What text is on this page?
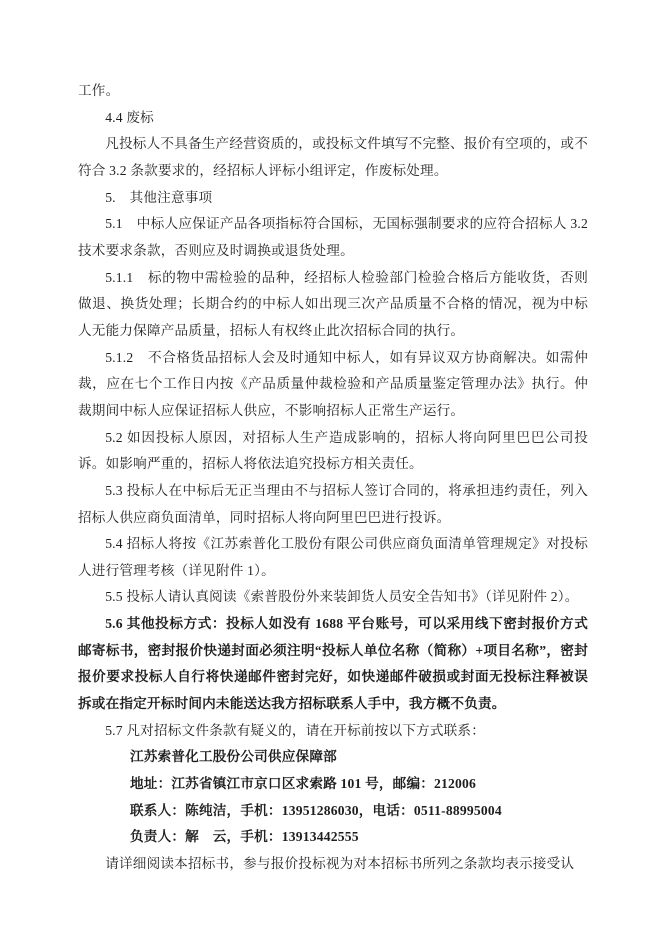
工作。

4.4 废标

凡投标人不具备生产经营资质的，或投标文件填写不完整、报价有空项的，或不符合 3.2 条款要求的，经招标人评标小组评定，作废标处理。

5.　其他注意事项

5.1　中标人应保证产品各项指标符合国标，无国标强制要求的应符合招标人 3.2 技术要求条款，否则应及时调换或退货处理。

5.1.1　标的物中需检验的品种，经招标人检验部门检验合格后方能收货，否则做退、换货处理；长期合约的中标人如出现三次产品质量不合格的情况，视为中标人无能力保障产品质量，招标人有权终止此次招标合同的执行。

5.1.2　不合格货品招标人会及时通知中标人，如有异议双方协商解决。如需仲裁，应在七个工作日内按《产品质量仲裁检验和产品质量鉴定管理办法》执行。仲裁期间中标人应保证招标人供应，不影响招标人正常生产运行。

5.2 如因投标人原因，对招标人生产造成影响的，招标人将向阿里巴巴公司投诉。如影响严重的，招标人将依法追究投标方相关责任。

5.3 投标人在中标后无正当理由不与招标人签订合同的，将承担违约责任，列入招标人供应商负面清单，同时招标人将向阿里巴巴进行投诉。

5.4 招标人将按《江苏索普化工股份有限公司供应商负面清单管理规定》对投标人进行管理考核（详见附件 1）。

5.5 投标人请认真阅读《索普股份外来装卸货人员安全告知书》（详见附件 2）。

5.6 其他投标方式：投标人如没有 1688 平台账号，可以采用线下密封报价方式邮寄标书，密封报价快递封面必须注明“投标人单位名称（简称）+项目名称”，密封报价要求投标人自行将快递邮件密封完好，如快递邮件破损或封面无投标注释被误拆或在指定开标时间内未能送达我方招标联系人手中，我方概不负责。

5.7 凡对招标文件条款有疑义的，请在开标前按以下方式联系：

江苏索普化工股份公司供应保障部

地址：江苏省镇江市京口区求索路 101 号，邮编：212006

联系人：陈纯洁，手机：13951286030，电话：0511-88995004

负责人：解　云，手机：13913442555

请详细阅读本招标书，参与报价投标视为对本招标书所列之条款均表示接受认
